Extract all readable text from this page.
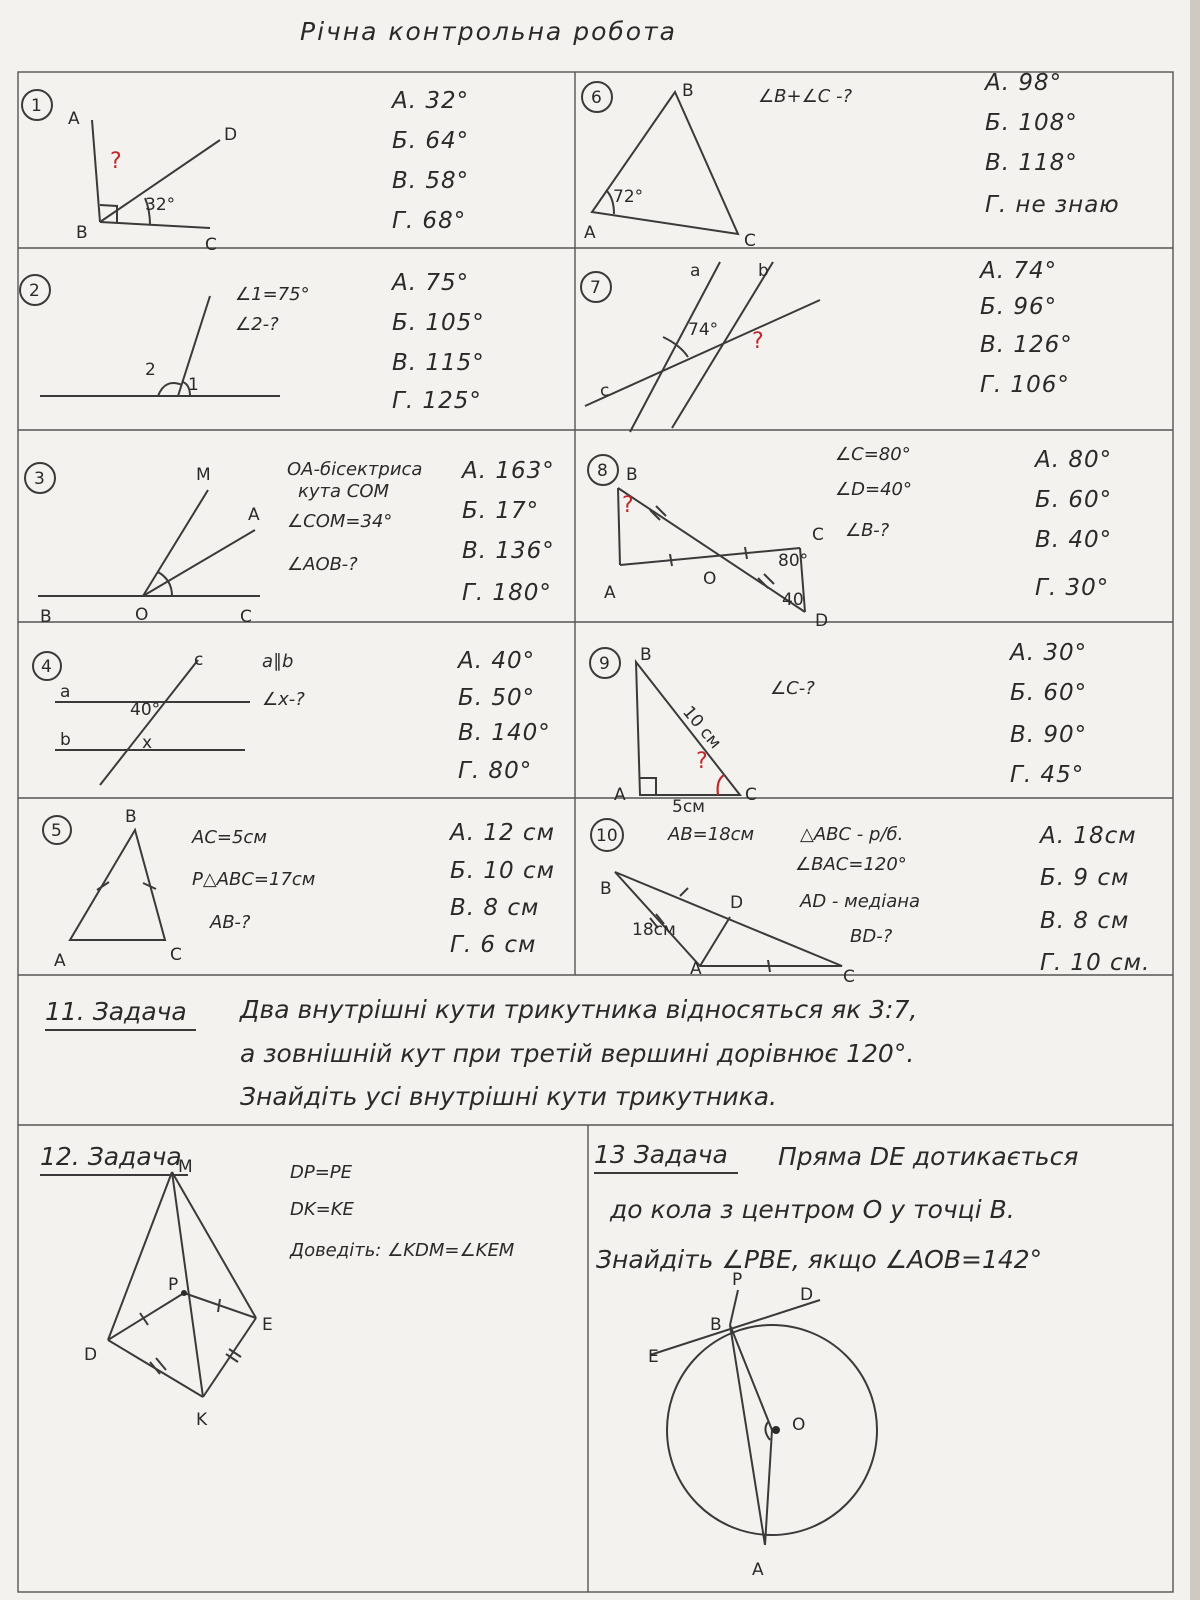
Річна контрольна робота
1
A
B
C
D
?
32°
А. 32°
Б. 64°
В. 58°
Г. 68°
2
2
1
∠1=75°
∠2-?
А. 75°
Б. 105°
В. 115°
Г. 125°
3	M
A
B	O	C
OA-бісектриса
кута COM
∠COM=34°
∠AOB-?
А. 163°
Б. 17°
В. 136°
Г. 180°
4
a
b
c
40°
x
a∥b
∠x-?
А. 40°
Б. 50°
В. 140°
Г. 80°
5
B
A	C
AC=5см
P△ABC=17см
AB-?
А. 12 см
Б. 10 см
В. 8 см
Г. 6 см
6	B
A	C
72°
∠B+∠C -?
А. 98°
Б. 108°
В. 118°
Г. не знаю
7
a	b
c
74° ?
А. 74°
Б. 96°
В. 126°
Г. 106°
8 B
A
O
C
D
?
80°
40
∠C=80°
∠D=40°
∠B-?
А. 80°
Б. 60°
В. 40°
Г. 30°
9 B
A	C
10 см
5см
?
∠C-?
А. 30°
Б. 60°
В. 90°
Г. 45°
10
B
A	C
D
18см
AB=18см	△ABC - р/б.
∠BAC=120°
AD - медіана
BD-?
А. 18см
Б. 9 см
В. 8 см
Г. 10 см.
11. Задача Два внутрішні кути трикутника відносяться як 3:7,
а зовнішній кут при третій вершині дорівнює 120°.
Знайдіть усі внутрішні кути трикутника.
12. Задача
DP=PE
DK=KE
Доведіть: ∠KDM=∠KEM
M
P
E
D
K
13 Задача Пряма DE дотикається
до кола з центром О у точці В.
Знайдіть ∠PBE, якщо ∠AOB=142°
P
D
B
E
O
A
